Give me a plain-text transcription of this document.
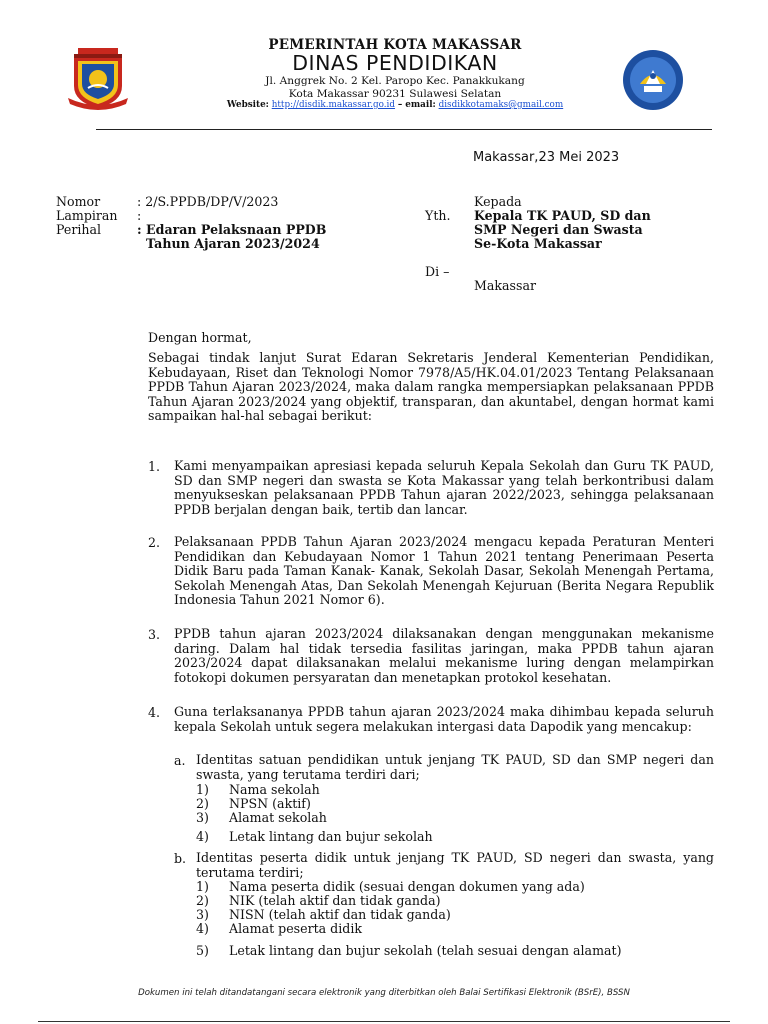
PEMERINTAH KOTA MAKASSAR
DINAS PENDIDIKAN
Jl. Anggrek No. 2 Kel. Paropo Kec. Panakkukang
Kota Makassar 90231 Sulawesi Selatan
Website: http://disdik.makassar.go.id – email: disdikkotamaks@gmail.com
Makassar,23 Mei 2023
Nomor	: 2/S.PPDB/DP/V/2023
Lampiran :
Perihal	: Edaran Pelaksnaan PPDB
Tahun Ajaran 2023/2024
Kepada
Yth. Kepala TK PAUD, SD dan
SMP Negeri dan Swasta
Se-Kota Makassar
Di –
Makassar
Dengan hormat,
Sebagai tindak lanjut Surat Edaran Sekretaris Jenderal Kementerian Pendidikan, Kebudayaan, Riset dan Teknologi Nomor 7978/A5/HK.04.01/2023 Tentang Pelaksanaan PPDB Tahun Ajaran 2023/2024, maka dalam rangka mempersiapkan pelaksanaan PPDB Tahun Ajaran 2023/2024 yang objektif, transparan, dan akuntabel, dengan hormat kami sampaikan hal-hal sebagai berikut:
1. Kami menyampaikan apresiasi kepada seluruh Kepala Sekolah dan Guru TK PAUD, SD dan SMP negeri dan swasta se Kota Makassar yang telah berkontribusi dalam menyukseskan pelaksanaan PPDB Tahun ajaran 2022/2023, sehingga pelaksanaan PPDB berjalan dengan baik, tertib dan lancar.
2. Pelaksanaan PPDB Tahun Ajaran 2023/2024 mengacu kepada Peraturan Menteri Pendidikan dan Kebudayaan Nomor 1 Tahun 2021 tentang Penerimaan Peserta Didik Baru pada Taman Kanak- Kanak, Sekolah Dasar, Sekolah Menengah Pertama, Sekolah Menengah Atas, Dan Sekolah Menengah Kejuruan (Berita Negara Republik Indonesia Tahun 2021 Nomor 6).
3. PPDB tahun ajaran 2023/2024 dilaksanakan dengan menggunakan mekanisme daring. Dalam hal tidak tersedia fasilitas jaringan, maka PPDB tahun ajaran 2023/2024 dapat dilaksanakan melalui mekanisme luring dengan melampirkan fotokopi dokumen persyaratan dan menetapkan protokol kesehatan.
4. Guna terlaksananya PPDB tahun ajaran 2023/2024 maka dihimbau kepada seluruh kepala Sekolah untuk segera melakukan intergasi data Dapodik yang mencakup:
a. Identitas satuan pendidikan untuk jenjang TK PAUD, SD dan SMP negeri dan swasta, yang terutama terdiri dari;
1) Nama sekolah
2) NPSN (aktif)
3) Alamat sekolah
4) Letak lintang dan bujur sekolah
b. Identitas peserta didik untuk jenjang TK PAUD, SD negeri dan swasta, yang terutama terdiri;
1) Nama peserta didik (sesuai dengan dokumen yang ada)
2) NIK (telah aktif dan tidak ganda)
3) NISN (telah aktif dan tidak ganda)
4) Alamat peserta didik
5) Letak lintang dan bujur sekolah (telah sesuai dengan alamat)
Dokumen ini telah ditandatangani secara elektronik yang diterbitkan oleh Balai Sertifikasi Elektronik (BSrE), BSSN
